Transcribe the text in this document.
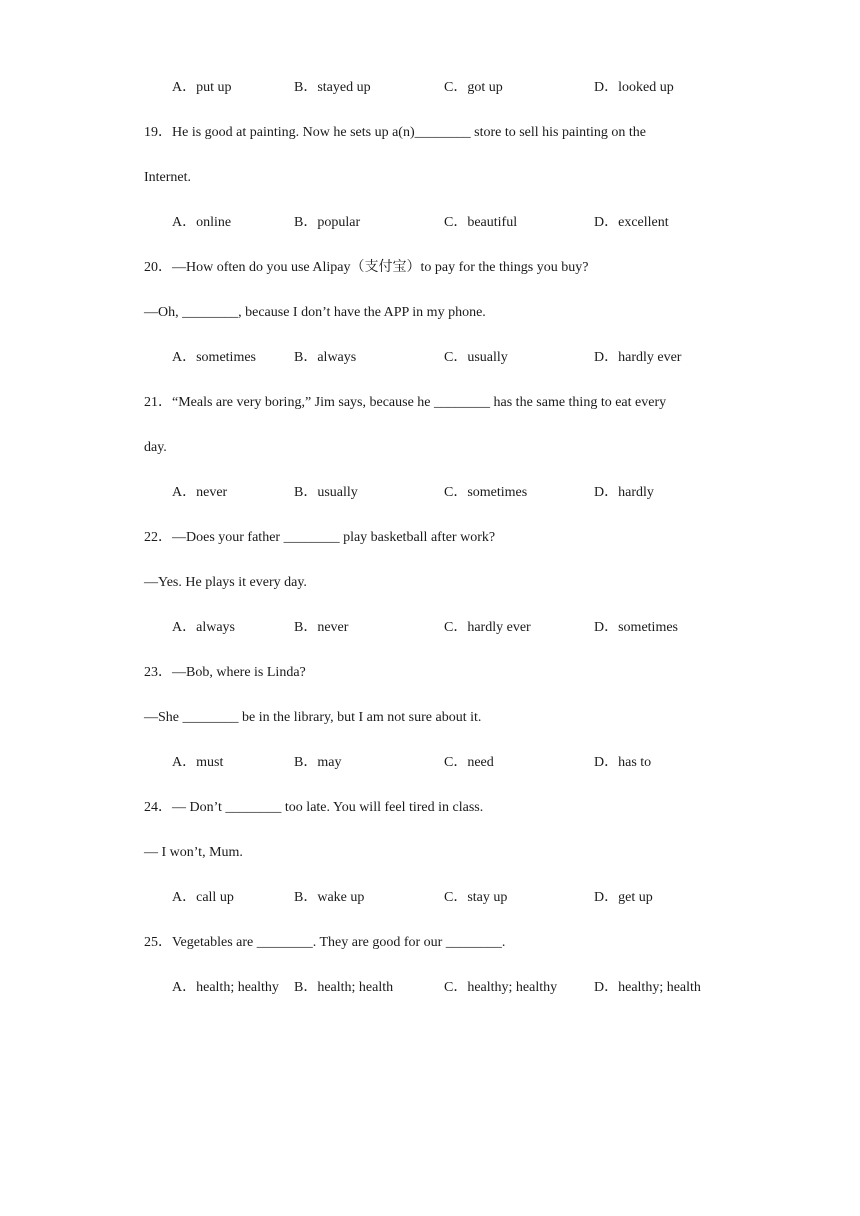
A．put up	B．stayed up	C．got up	D．looked up
19．He is good at painting. Now he sets up a(n)________ store to sell his painting on the
Internet.
A．online	B．popular	C．beautiful	D．excellent
20．—How often do you use Alipay（支付宝）to pay for the things you buy?
—Oh, ________, because I don’t have the APP in my phone.
A．sometimes	B．always	C．usually	D．hardly ever
21．“Meals are very boring,” Jim says, because he ________ has the same thing to eat every
day.
A．never	B．usually	C．sometimes	D．hardly
22．—Does your father ________ play basketball after work?
—Yes. He plays it every day.
A．always	B．never	C．hardly ever	D．sometimes
23．—Bob, where is Linda?
—She ________ be in the library, but I am not sure about it.
A．must	B．may	C．need	D．has to
24．— Don’t ________ too late. You will feel tired in class.
— I won’t, Mum.
A．call up	B．wake up	C．stay up	D．get up
25．Vegetables are ________. They are good for our ________.
A．health; healthy B．health; health	C．healthy; healthy	D．healthy; health
